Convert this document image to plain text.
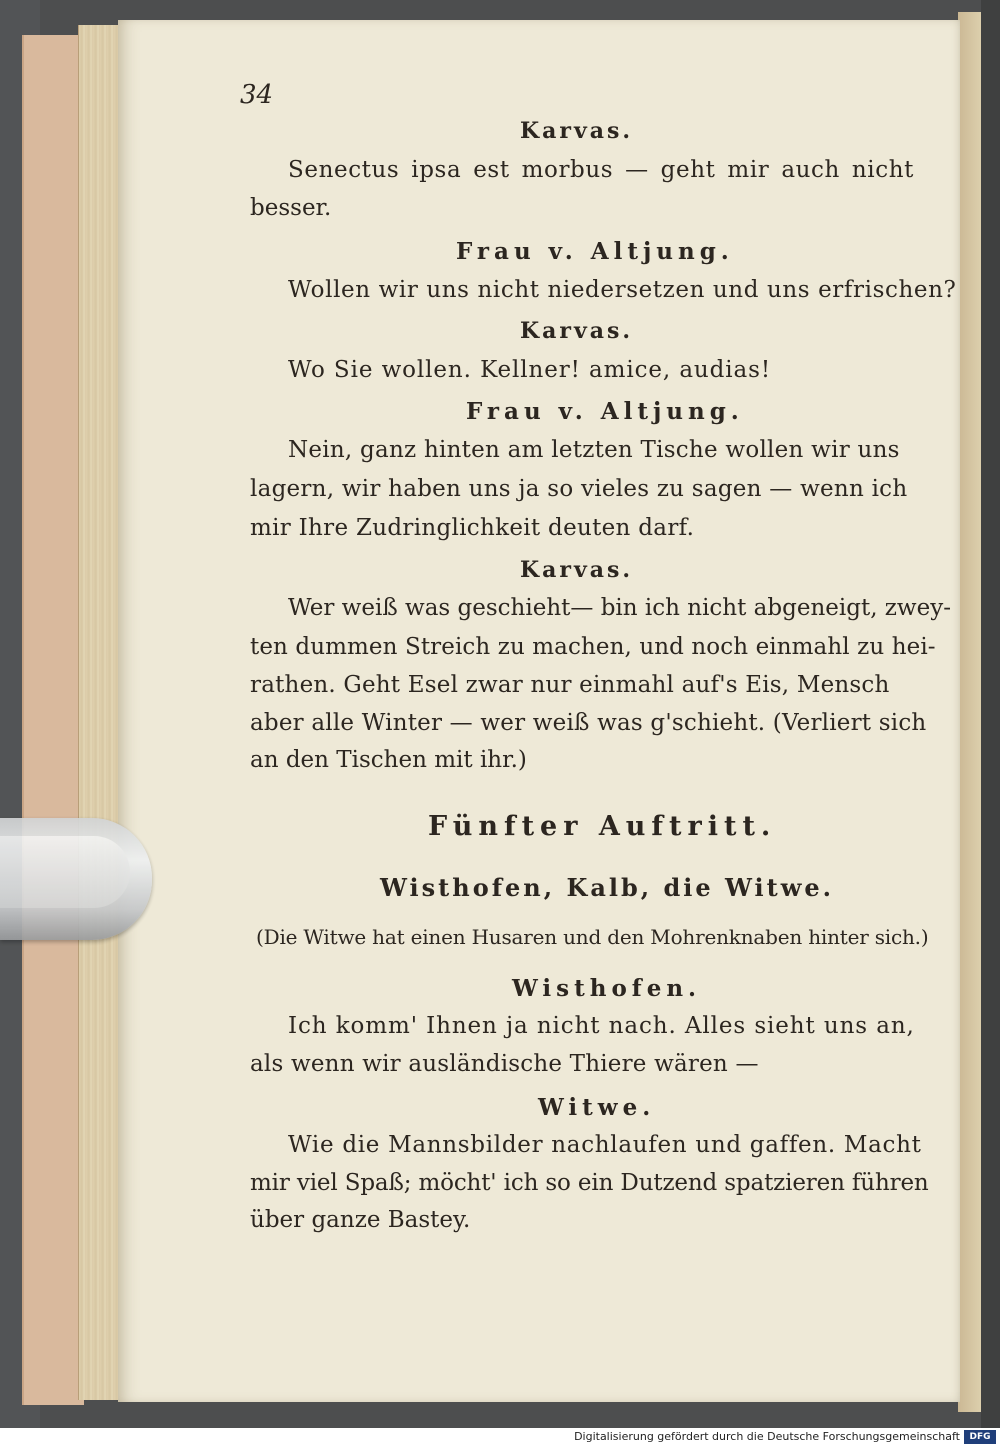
34
Karvas.
Senectus ipsa est morbus — geht mir auch nicht
besser.
Frau v. Altjung.
Wollen wir uns nicht niedersetzen und uns erfrischen?
Karvas.
Wo Sie wollen. Kellner! amice, audias!
Frau v. Altjung.
Nein, ganz hinten am letzten Tische wollen wir uns
lagern, wir haben uns ja so vieles zu sagen — wenn ich
mir Ihre Zudringlichkeit deuten darf.
Karvas.
Wer weiß was geschieht— bin ich nicht abgeneigt, zwey-
ten dummen Streich zu machen, und noch einmahl zu hei-
rathen. Geht Esel zwar nur einmahl auf's Eis, Mensch
aber alle Winter — wer weiß was g'schieht. (Verliert sich
an den Tischen mit ihr.)
Fünfter Auftritt.
Wisthofen, Kalb, die Witwe.
(Die Witwe hat einen Husaren und den Mohrenknaben hinter sich.)
Wisthofen.
Ich komm' Ihnen ja nicht nach. Alles sieht uns an,
als wenn wir ausländische Thiere wären —
Witwe.
Wie die Mannsbilder nachlaufen und gaffen. Macht
mir viel Spaß; möcht' ich so ein Dutzend spatzieren führen
über ganze Bastey.
Digitalisierung gefördert durch die Deutsche Forschungsgemeinschaft	DFG
